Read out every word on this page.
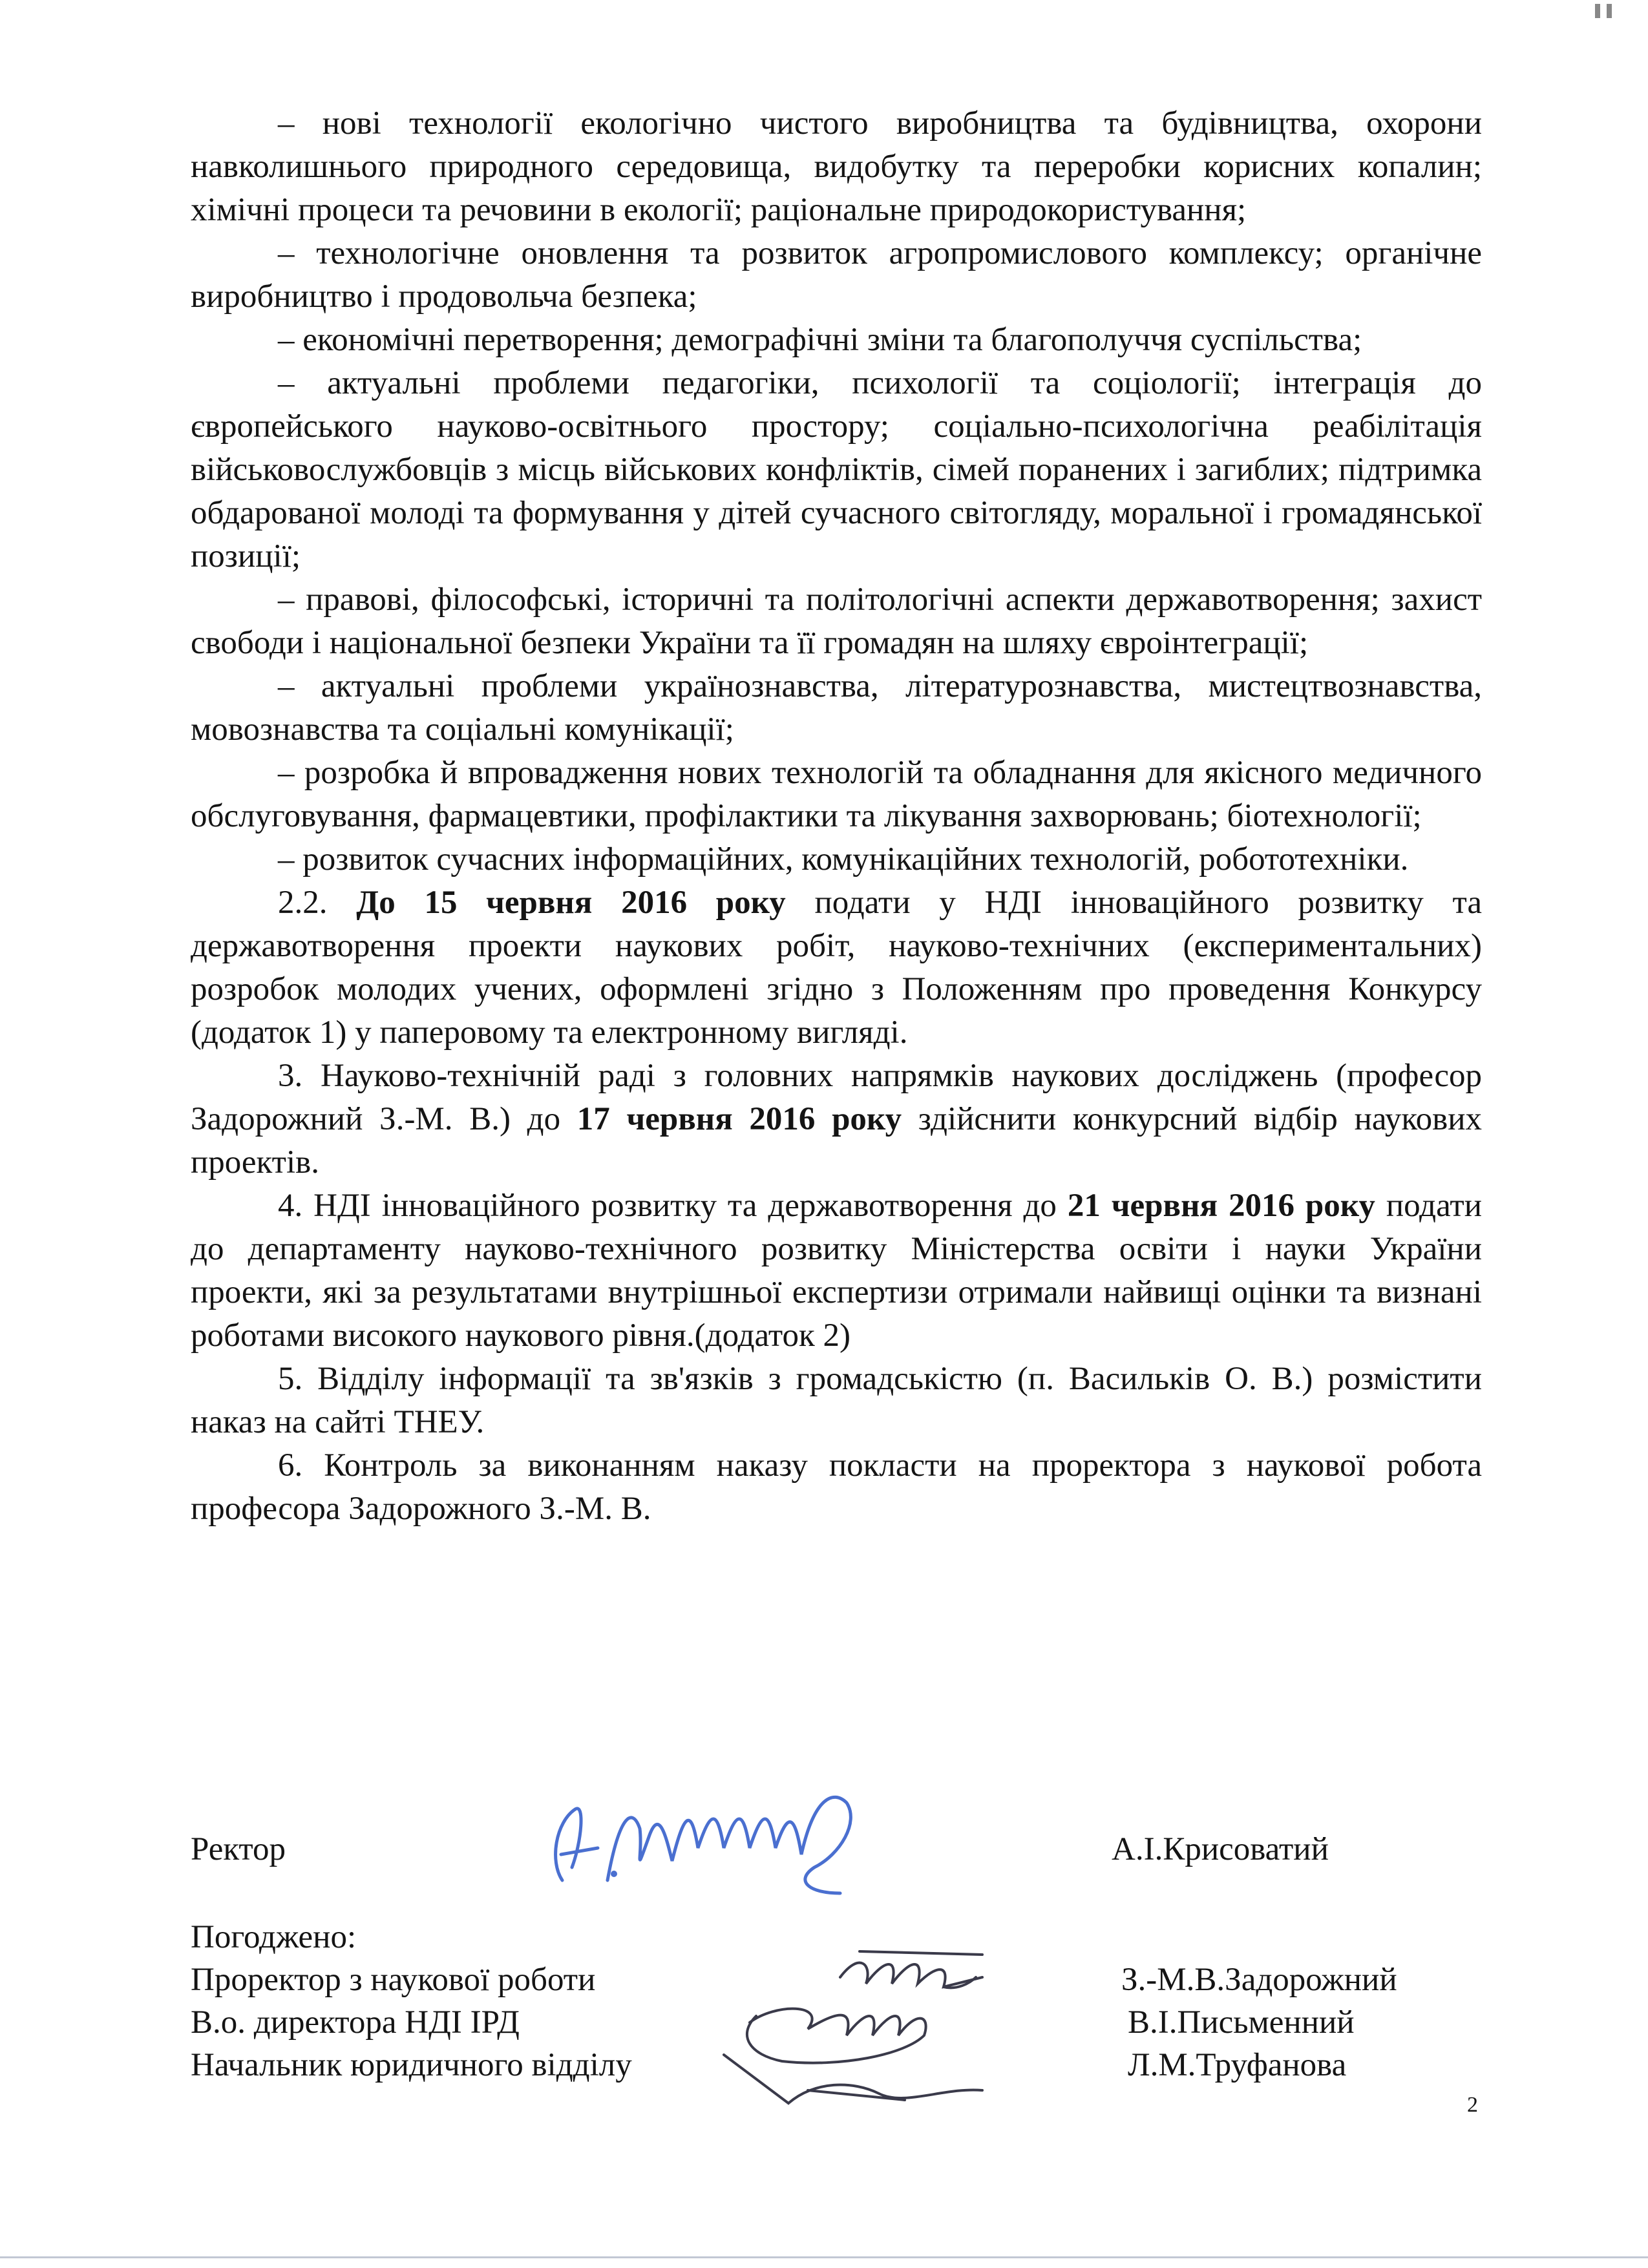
– нові технології екологічно чистого виробництва та будівництва, охорони навколишнього природного середовища, видобутку та переробки корисних копалин; хімічні процеси та речовини в екології; раціональне природокористування;

– технологічне оновлення та розвиток агропромислового комплексу; органічне виробництво і продовольча безпека;

– економічні перетворення; демографічні зміни та благополуччя суспільства;

– актуальні проблеми педагогіки, психології та соціології; інтеграція до європейського науково-освітнього простору; соціально-психологічна реабілітація військовослужбовців з місць військових конфліктів, сімей поранених і загиблих; підтримка обдарованої молоді та формування у дітей сучасного світогляду, моральної і громадянської позиції;

– правові, філософські, історичні та політологічні аспекти державотворення; захист свободи і національної безпеки України та її громадян на шляху євроінтеграції;

– актуальні проблеми українознавства, літературознавства, мистецтвознавства, мовознавства та соціальні комунікації;

– розробка й впровадження нових технологій та обладнання для якісного медичного обслуговування, фармацевтики, профілактики та лікування захворювань; біотехнології;

– розвиток сучасних інформаційних, комунікаційних технологій, робототехніки.

2.2. До 15 червня 2016 року подати у НДІ інноваційного розвитку та державотворення проекти наукових робіт, науково-технічних (експериментальних) розробок молодих учених, оформлені згідно з Положенням про проведення Конкурсу (додаток 1) у паперовому та електронному вигляді.

3. Науково-технічній раді з головних напрямків наукових досліджень (професор Задорожний З.-М. В.) до 17 червня 2016 року здійснити конкурсний відбір наукових проектів.

4. НДІ інноваційного розвитку та державотворення до 21 червня 2016 року подати до департаменту науково-технічного розвитку Міністерства освіти і науки України проекти, які за результатами внутрішньої експертизи отримали найвищі оцінки та визнані роботами високого наукового рівня.(додаток 2)

5. Відділу інформації та зв'язків з громадськістю (п. Васильків О. В.) розмістити наказ на сайті ТНЕУ.

6. Контроль за виконанням наказу покласти на проректора з наукової робота професора Задорожного З.-М. В.

Ректор	А.І.Крисоватий
Погоджено:
Проректор з наукової роботи	З.-М.В.Задорожний
В.о. директора НДІ ІРД	В.І.Письменний
Начальник юридичного відділу	Л.М.Труфанова
2
